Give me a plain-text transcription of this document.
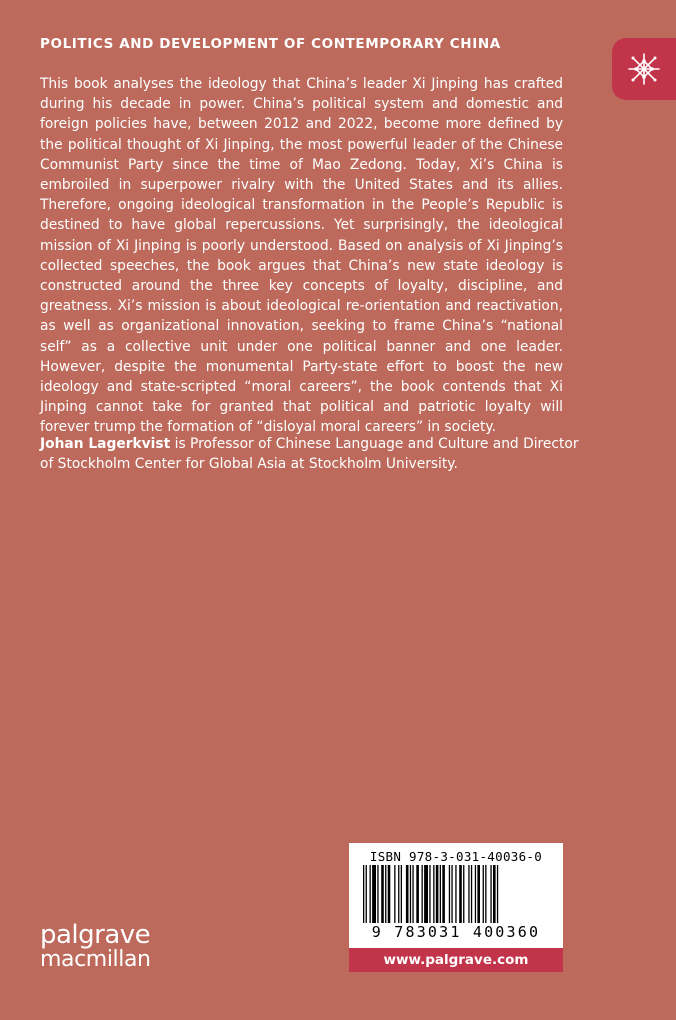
POLITICS AND DEVELOPMENT OF CONTEMPORARY CHINA

This book analyses the ideology that China’s leader Xi Jinping has crafted during his decade in power. China’s political system and domestic and foreign policies have, between 2012 and 2022, become more defined by the political thought of Xi Jinping, the most powerful leader of the Chinese Communist Party since the time of Mao Zedong. Today, Xi’s China is embroiled in superpower rivalry with the United States and its allies. Therefore, ongoing ideological transformation in the People’s Republic is destined to have global repercussions. Yet surprisingly, the ideological mission of Xi Jinping is poorly understood. Based on analysis of Xi Jinping’s collected speeches, the book argues that China’s new state ideology is constructed around the three key concepts of loyalty, discipline, and greatness. Xi’s mission is about ideological re-orientation and reactivation, as well as organizational innovation, seeking to frame China’s “national self” as a collective unit under one political banner and one leader. However, despite the monumental Party-state effort to boost the new ideology and state-scripted “moral careers”, the book contends that Xi Jinping cannot take for granted that political and patriotic loyalty will forever trump the formation of “disloyal moral careers” in society.

Johan Lagerkvist is Professor of Chinese Language and Culture and Director of Stockholm Center for Global Asia at Stockholm University.

ISBN 978-3-031-40036-0
9 783031 400360
www.palgrave.com
palgrave
macmillan
